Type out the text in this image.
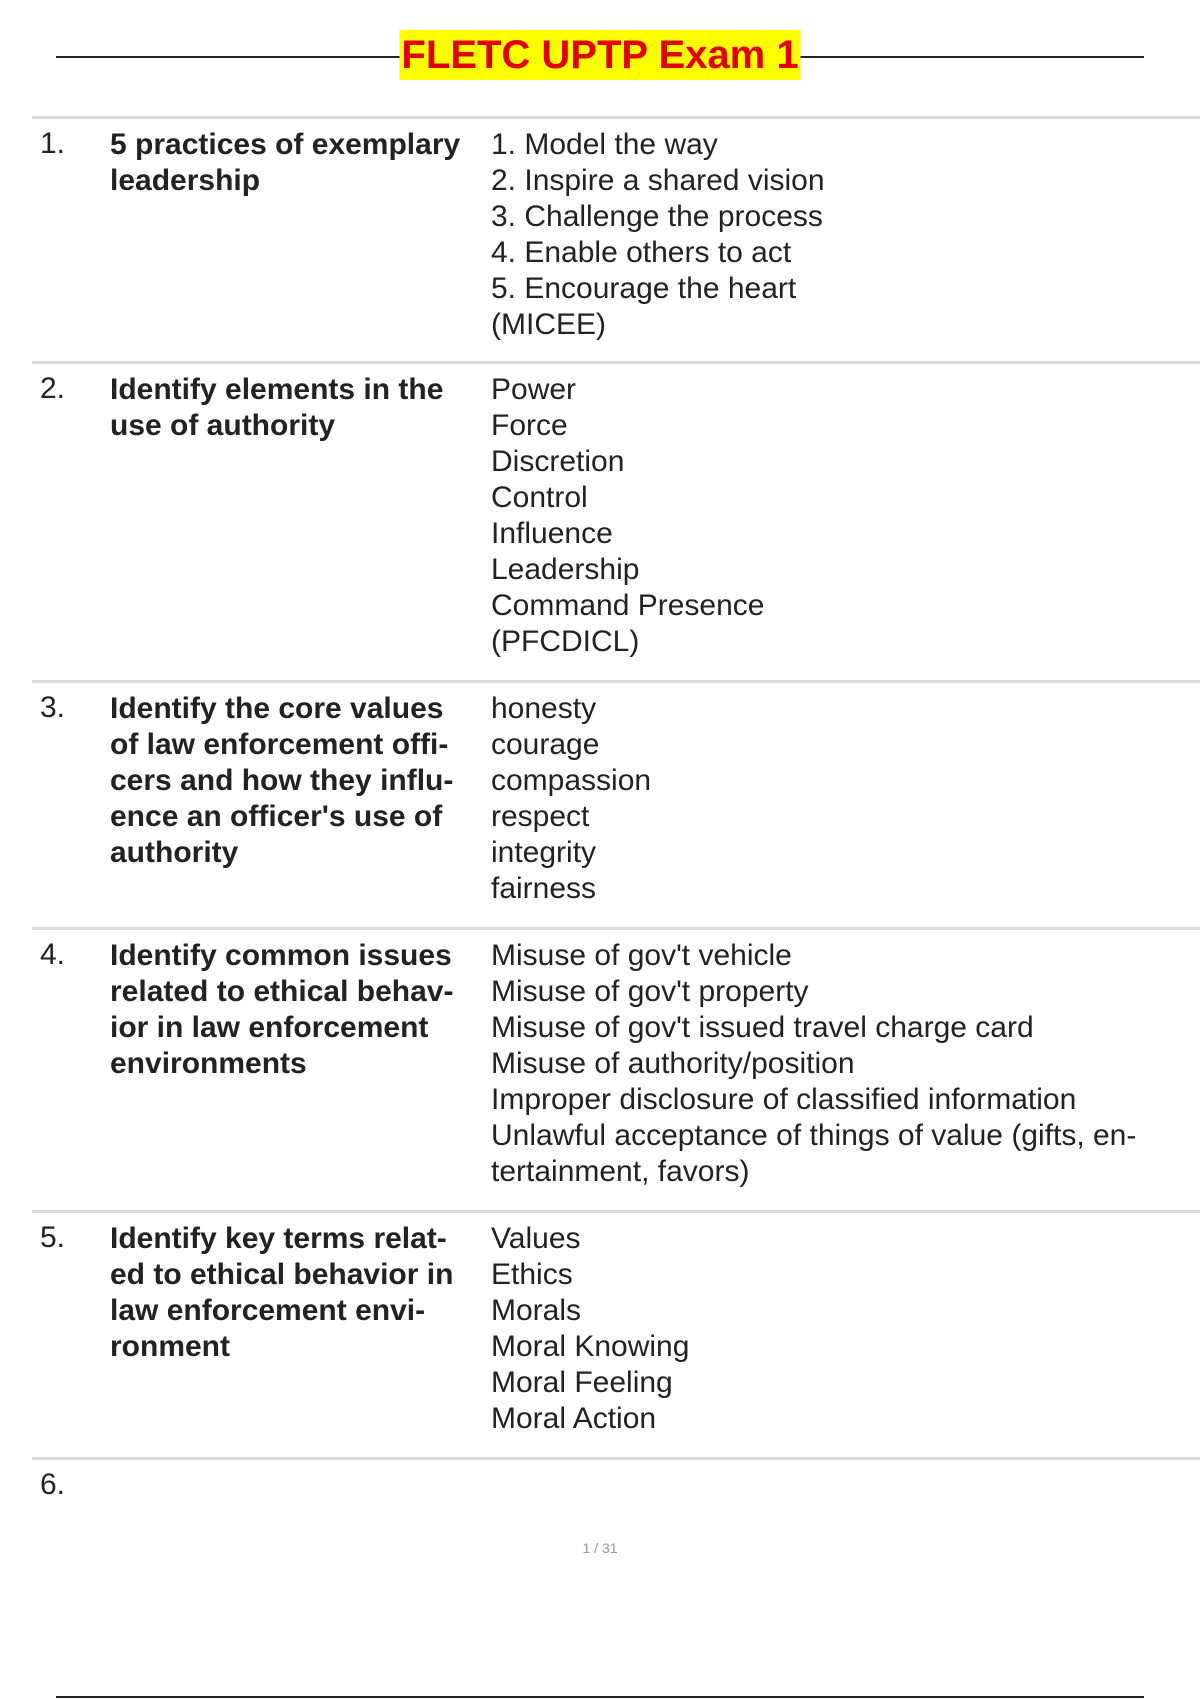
FLETC UPTP Exam 1
1. 5 practices of exemplary leadership
1. Model the way
2. Inspire a shared vision
3. Challenge the process
4. Enable others to act
5. Encourage the heart
(MICEE)
2. Identify elements in the use of authority
Power
Force
Discretion
Control
Influence
Leadership
Command Presence
(PFCDICL)
3. Identify the core values of law enforcement offi-cers and how they influ-ence an officer's use of authority
honesty
courage
compassion
respect
integrity
fairness
4. Identify common issues related to ethical behav-ior in law enforcement environments
Misuse of gov't vehicle
Misuse of gov't property
Misuse of gov't issued travel charge card
Misuse of authority/position
Improper disclosure of classified information
Unlawful acceptance of things of value (gifts, en-
tertainment, favors)
5. Identify key terms relat-ed to ethical behavior in law enforcement envi-ronment
Values
Ethics
Morals
Moral Knowing
Moral Feeling
Moral Action
6.
1 / 31
